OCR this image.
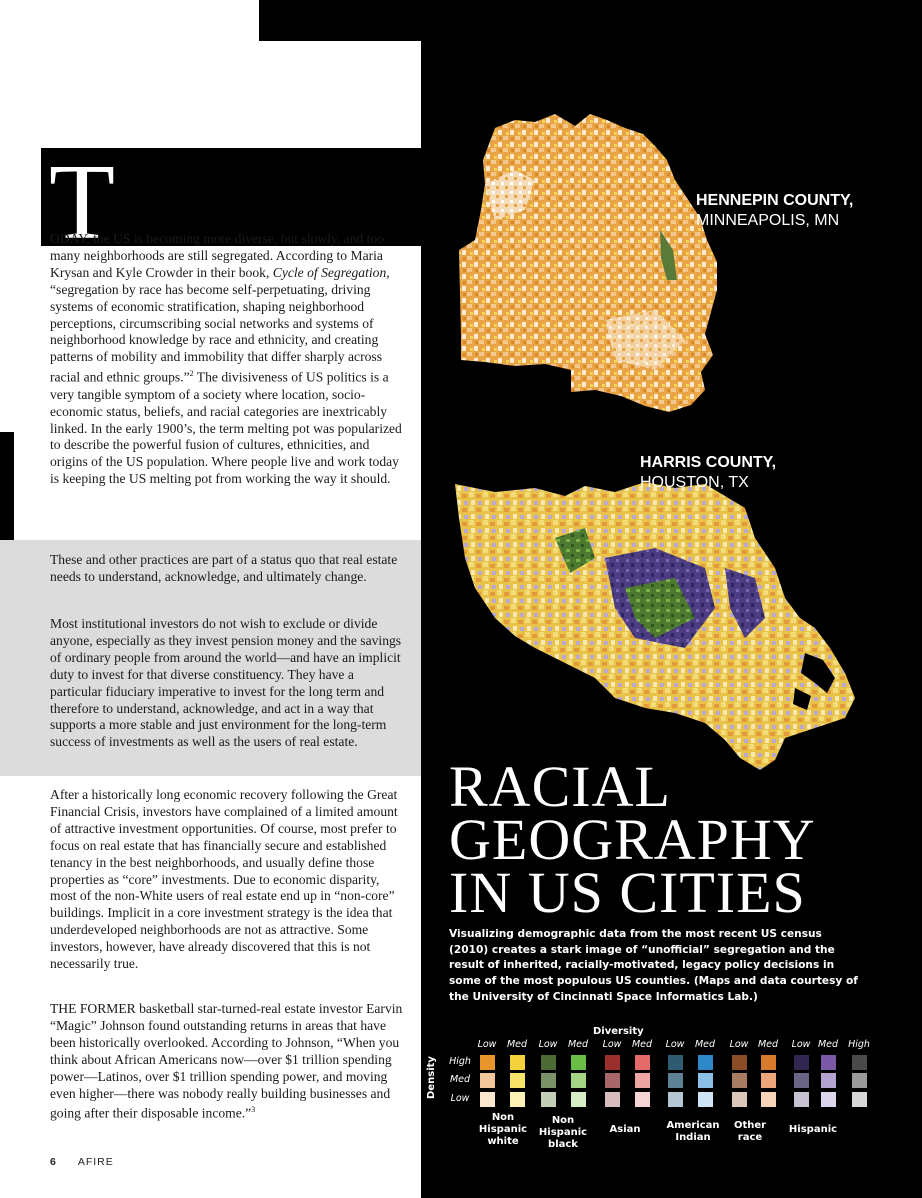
T

ODAY, the US is becoming more diverse, but slowly, and too many neighborhoods are still segregated. According to Maria Krysan and Kyle Crowder in their book, Cycle of Segregation, “segregation by race has become self-perpetuating, driving systems of economic stratification, shaping neighborhood perceptions, circumscribing social networks and systems of neighborhood knowledge by race and ethnicity, and creating patterns of mobility and immobility that differ sharply across racial and ethnic groups.”$^2$ The divisiveness of US politics is a very tangible symptom of a society where location, socio-economic status, beliefs, and racial categories are inextricably linked. In the early 1900’s, the term melting pot was popularized to describe the powerful fusion of cultures, ethnicities, and origins of the US population. Where people live and work today is keeping the US melting pot from working the way it should.

These and other practices are part of a status quo that real estate needs to understand, acknowledge, and ultimately change.

Most institutional investors do not wish to exclude or divide anyone, especially as they invest pension money and the savings of ordinary people from around the world—and have an implicit duty to invest for that diverse constituency. They have a particular fiduciary imperative to invest for the long term and therefore to understand, acknowledge, and act in a way that supports a more stable and just environment for the long-term success of investments as well as the users of real estate.

After a historically long economic recovery following the Great Financial Crisis, investors have complained of a limited amount of attractive investment opportunities. Of course, most prefer to focus on real estate that has financially secure and established tenancy in the best neighborhoods, and usually define those properties as “core” investments. Due to economic disparity, most of the non-White users of real estate end up in “non-core” buildings. Implicit in a core investment strategy is the idea that underdeveloped neighborhoods are not as attractive. Some investors, however, have already discovered that this is not necessarily true.

THE FORMER basketball star-turned-real estate investor Earvin “Magic” Johnson found outstanding returns in areas that have been historically overlooked. According to Johnson, “When you think about African Americans now—over $1 trillion spending power—Latinos, over $1 trillion spending power, and moving even higher—there was nobody really building businesses and going after their disposable income.”$^3$

6 AFIRE
HENNEPIN COUNTY,
MINNEAPOLIS, MN
HARRIS COUNTY,
HOUSTON, TX
RACIAL
GEOGRAPHY
IN US CITIES
Visualizing demographic data from the most recent US census (2010) creates a stark image of “unofficial” segregation and the result of inherited, racially-motivated, legacy policy decisions in some of the most populous US counties. (Maps and data courtesy of the University of Cincinnati Space Informatics Lab.)
Diversity
Density
Low	Med	Low	Med	Low	Med	Low	Med	Low	Med	Low Med	High
High
Med
Low
Non Hispanic white
Non Hispanic black
Asian	American Indian
Other race
Hispanic
